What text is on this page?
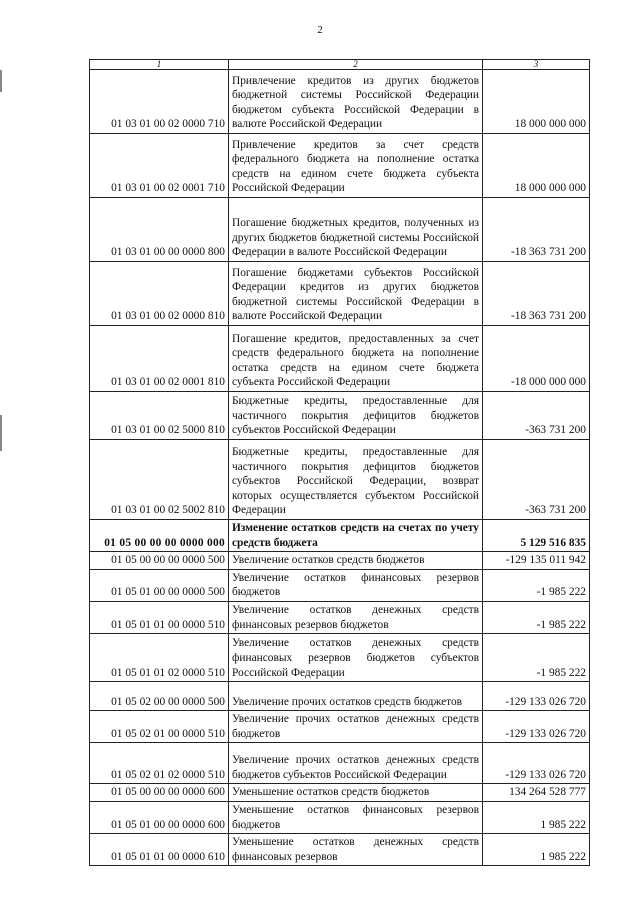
2
1	2	3
01 03 01 00 02 0000 710	Привлечение кредитов из других бюджетов бюджетной системы Российской Федерации бюджетом субъекта Российской Федерации в валюте Российской Федерации	18 000 000 000
01 03 01 00 02 0001 710	Привлечение кредитов за счет средств федерального бюджета на пополнение остатка средств на едином счете бюджета субъекта Российской Федерации	18 000 000 000
01 03 01 00 00 0000 800	Погашение бюджетных кредитов, полученных из других бюджетов бюджетной системы Российской Федерации в валюте Российской Федерации	-18 363 731 200
01 03 01 00 02 0000 810	Погашение бюджетами субъектов Российской Федерации кредитов из других бюджетов бюджетной системы Российской Федерации в валюте Российской Федерации	-18 363 731 200
01 03 01 00 02 0001 810	Погашение кредитов, предоставленных за счет средств федерального бюджета на пополнение остатка средств на едином счете бюджета субъекта Российской Федерации	-18 000 000 000
01 03 01 00 02 5000 810	Бюджетные кредиты, предоставленные для частичного покрытия дефицитов бюджетов субъектов Российской Федерации	-363 731 200
01 03 01 00 02 5002 810	Бюджетные кредиты, предоставленные для частичного покрытия дефицитов бюджетов субъектов Российской Федерации, возврат которых осуществляется субъектом Российской Федерации	-363 731 200
01 05 00 00 00 0000 000	Изменение остатков средств на счетах по учету средств бюджета	5 129 516 835
01 05 00 00 00 0000 500	Увеличение остатков средств бюджетов	-129 135 011 942
01 05 01 00 00 0000 500	Увеличение остатков финансовых резервов бюджетов	-1 985 222
01 05 01 01 00 0000 510	Увеличение остатков денежных средств финансовых резервов бюджетов	-1 985 222
01 05 01 01 02 0000 510	Увеличение остатков денежных средств финансовых резервов бюджетов субъектов Российской Федерации	-1 985 222
01 05 02 00 00 0000 500	Увеличение прочих остатков средств бюджетов	-129 133 026 720
01 05 02 01 00 0000 510	Увеличение прочих остатков денежных средств бюджетов	-129 133 026 720
01 05 02 01 02 0000 510	Увеличение прочих остатков денежных средств бюджетов субъектов Российской Федерации	-129 133 026 720
01 05 00 00 00 0000 600	Уменьшение остатков средств бюджетов	134 264 528 777
01 05 01 00 00 0000 600	Уменьшение остатков финансовых резервов бюджетов	1 985 222
01 05 01 01 00 0000 610	Уменьшение остатков денежных средств финансовых резервов	1 985 222
